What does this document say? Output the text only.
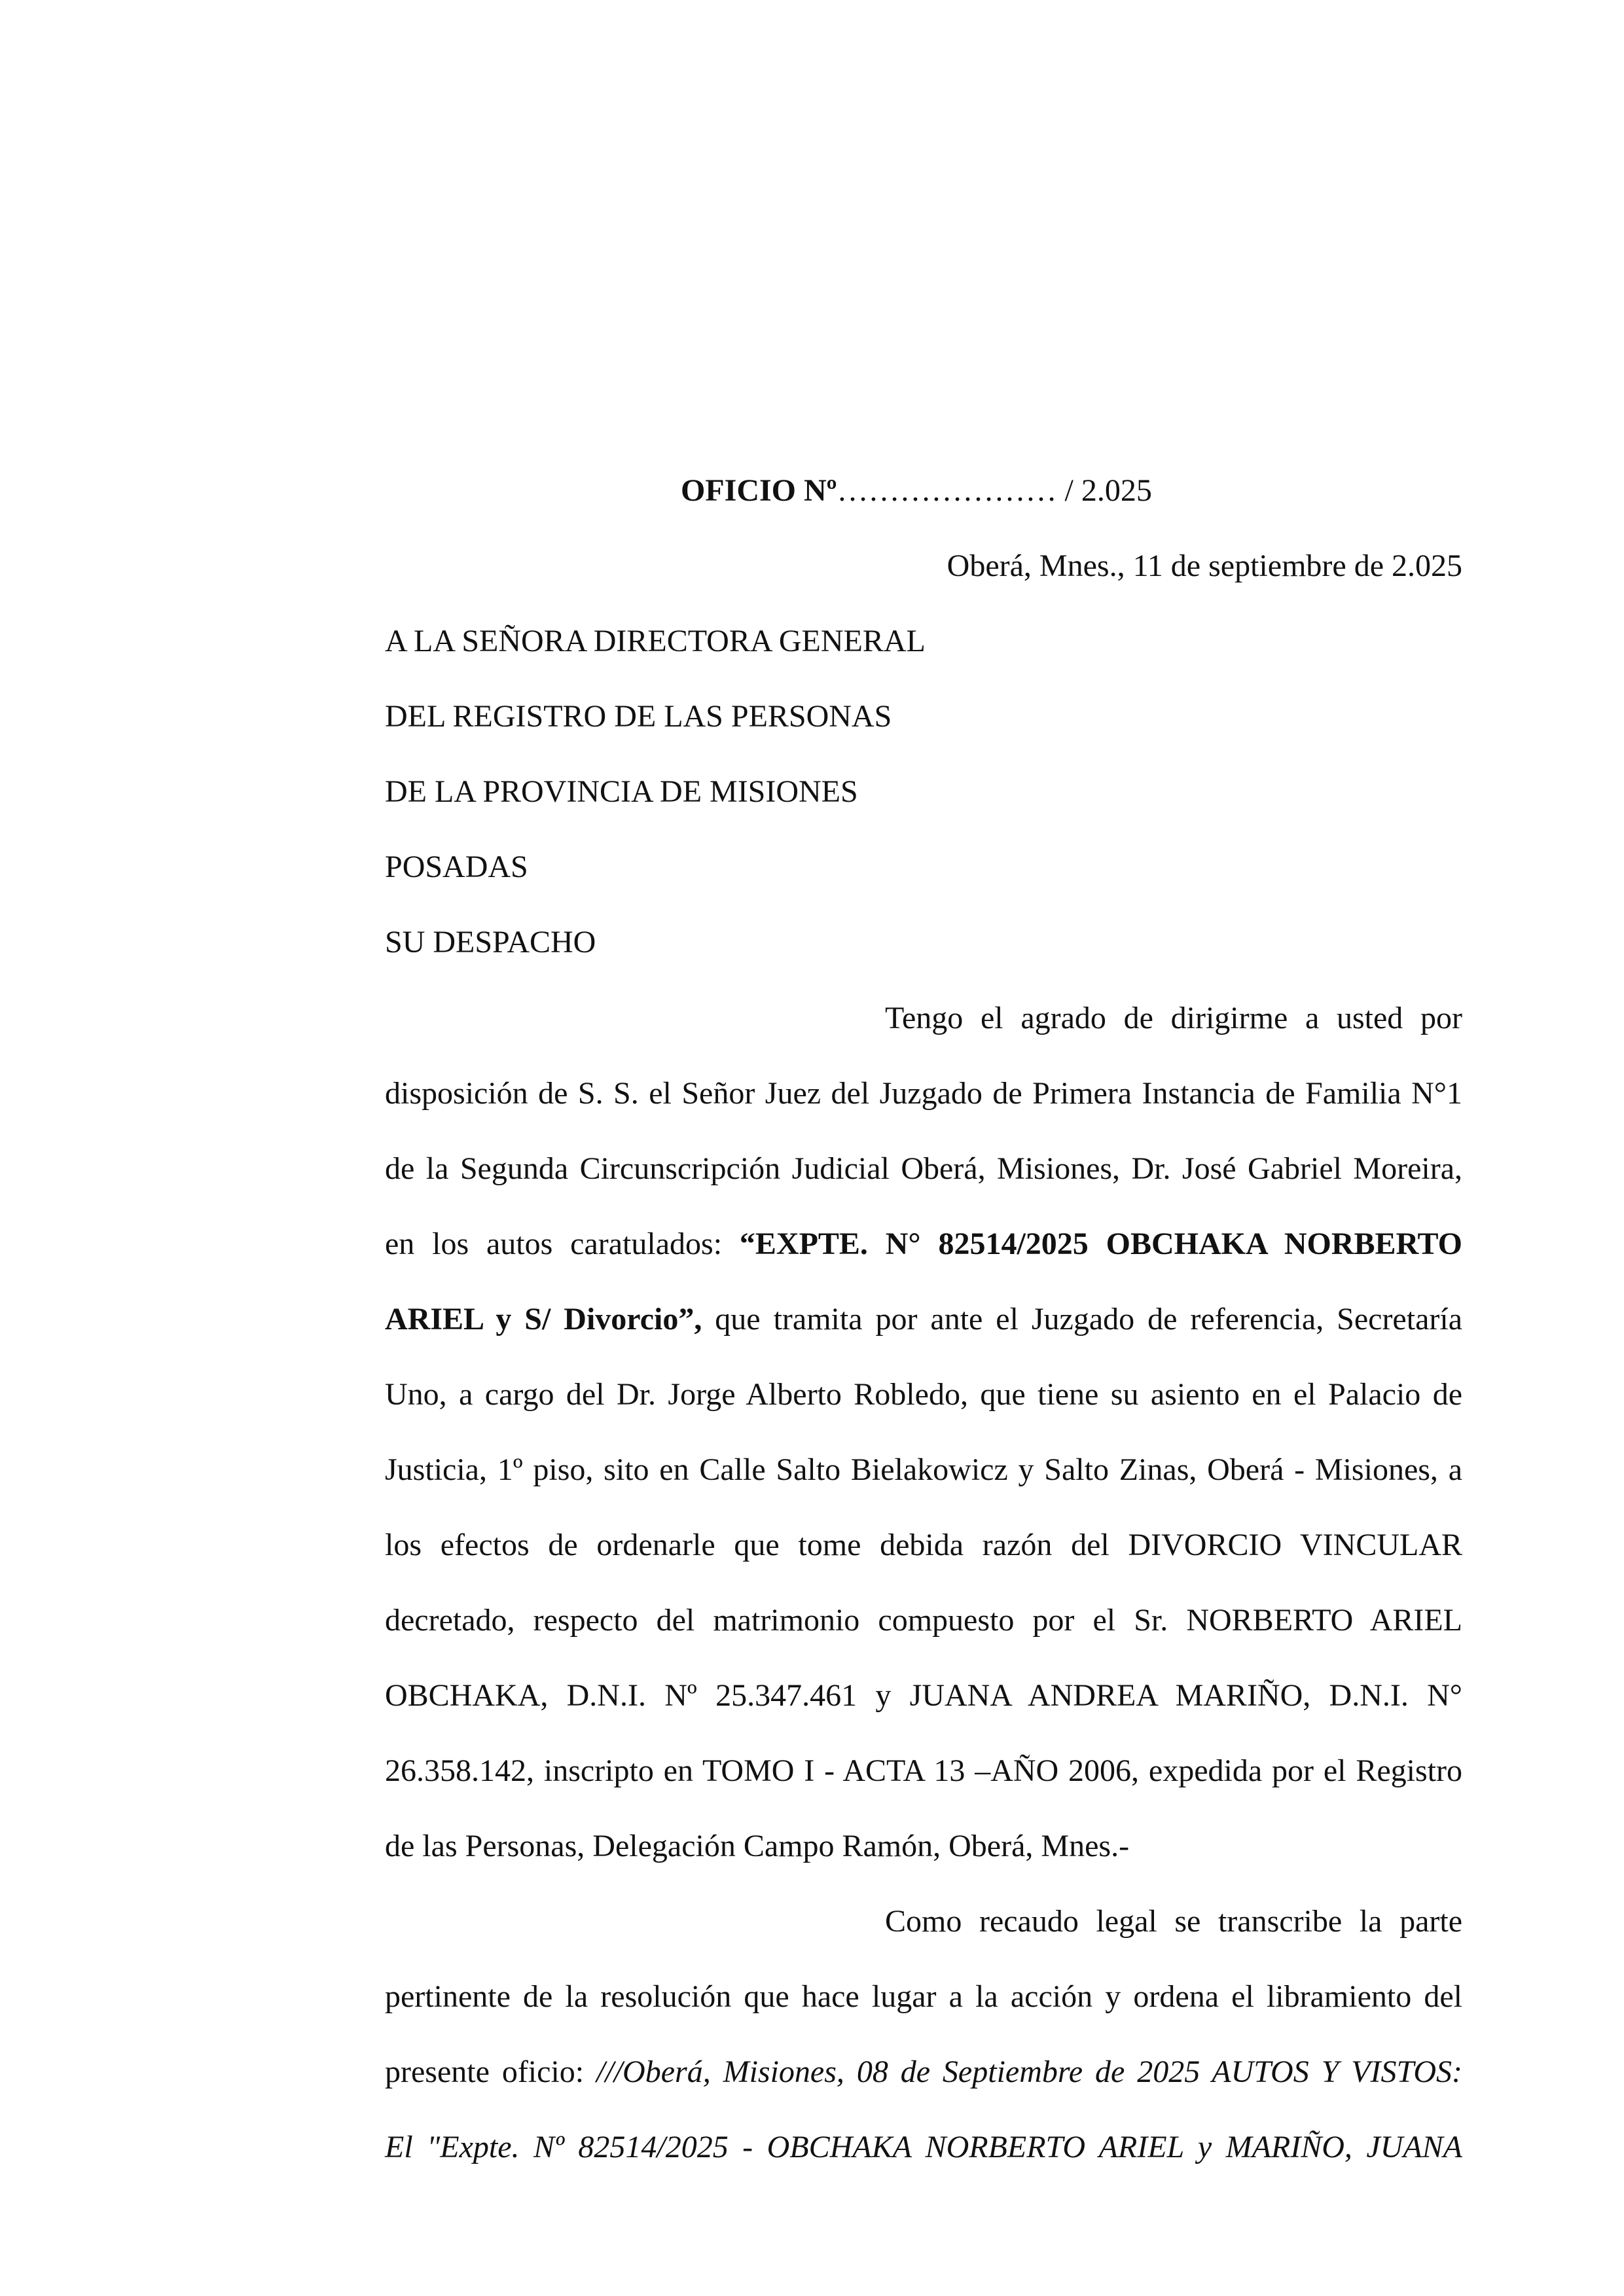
OFICIO Nº………………… / 2.025
Oberá, Mnes., 11 de septiembre de 2.025
A LA SEÑORA DIRECTORA GENERAL
DEL REGISTRO DE LAS PERSONAS
DE LA PROVINCIA DE MISIONES
POSADAS
SU DESPACHO
Tengo el agrado de dirigirme a usted por
disposición de S. S. el Señor Juez del Juzgado de Primera Instancia de Familia N°1
de la Segunda Circunscripción Judicial Oberá, Misiones, Dr. José Gabriel Moreira,
en los autos caratulados: “EXPTE. N° 82514/2025 OBCHAKA NORBERTO
ARIEL y S/ Divorcio”, que tramita por ante el Juzgado de referencia, Secretaría
Uno, a cargo del Dr. Jorge Alberto Robledo, que tiene su asiento en el Palacio de
Justicia, 1º piso, sito en Calle Salto Bielakowicz y Salto Zinas, Oberá - Misiones, a
los efectos de ordenarle que tome debida razón del DIVORCIO VINCULAR
decretado, respecto del matrimonio compuesto por el Sr. NORBERTO ARIEL
OBCHAKA, D.N.I. Nº 25.347.461 y JUANA ANDREA MARIÑO, D.N.I. N°
26.358.142, inscripto en TOMO I - ACTA 13 –AÑO 2006, expedida por el Registro
de las Personas, Delegación Campo Ramón, Oberá, Mnes.-
Como recaudo legal se transcribe la parte
pertinente de la resolución que hace lugar a la acción y ordena el libramiento del
presente oficio: ///Oberá, Misiones, 08 de Septiembre de 2025 AUTOS Y VISTOS:
El "Expte. Nº 82514/2025 - OBCHAKA NORBERTO ARIEL y MARIÑO, JUANA
